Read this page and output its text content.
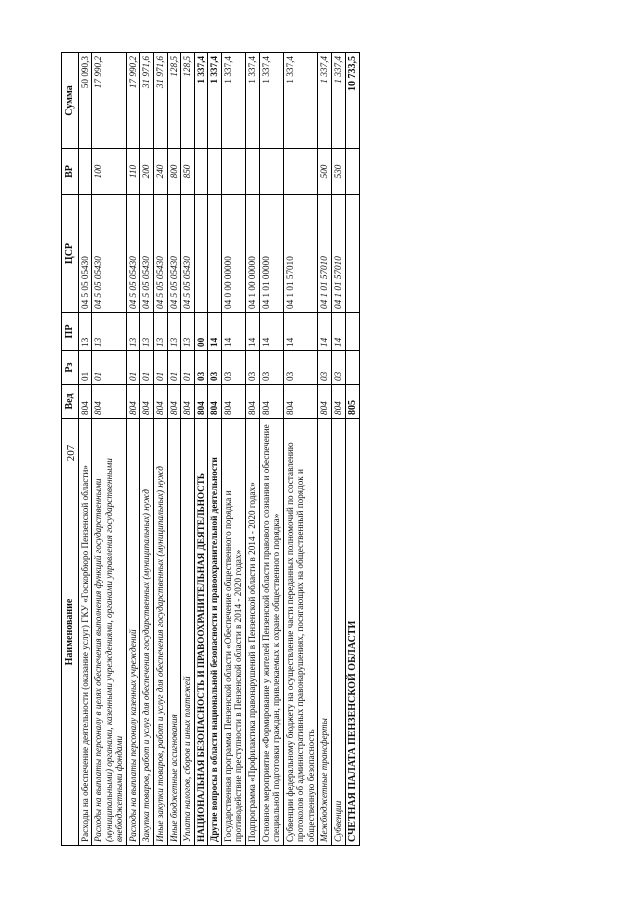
207
Наименование	Вед	Рз	ПР	ЦСР	ВР	Сумма
Расходы на обеспечение деятельности (оказание услуг) ГКУ «Госкорбюро Пензенской области»	804	01	13	04 5 05 05430		50 090,3
Расходы на выплаты персоналу в целях обеспечения выполнения функций государственными (муниципальными) органами, казенными учреждениями, органами управления государственными внебюджетными фондами	804	01	13	04 5 05 05430	100	17 990,2
Расходы на выплаты персоналу казенных учреждений	804	01	13	04 5 05 05430	110	17 990,2
Закупка товаров, работ и услуг для обеспечения государственных (муниципальных) нужд	804	01	13	04 5 05 05430	200	31 971,6
Иные закупки товаров, работ и услуг для обеспечения государственных (муниципальных) нужд	804	01	13	04 5 05 05430	240	31 971,6
Иные бюджетные ассигнования	804	01	13	04 5 05 05430	800	128,5
Уплата налогов, сборов и иных платежей	804	01	13	04 5 05 05430	850	128,5
НАЦИОНАЛЬНАЯ БЕЗОПАСНОСТЬ И ПРАВООХРАНИТЕЛЬНАЯ ДЕЯТЕЛЬНОСТЬ	804	03	00			1 337,4
Другие вопросы в области национальной безопасности и правоохранительной деятельности	804	03	14			1 337,4
Государственная программа Пензенской области «Обеспечение общественного порядка и противодействие преступности в Пензенской области в 2014 - 2020 годах»	804	03	14	04 0 00 00000		1 337,4
Подпрограмма «Профилактика правонарушений в Пензенской области в 2014 - 2020 годах»	804	03	14	04 1 00 00000		1 337,4
Основное мероприятие «Формирование у жителей Пензенской области правового сознания и обеспечение специальной подготовки граждан, привлекаемых к охране общественного порядка»	804	03	14	04 1 01 00000		1 337,4
Субвенции федеральному бюджету на осуществление части переданных полномочий по составлению протоколов об административных правонарушениях, посягающих на общественный порядок и общественную безопасность	804	03	14	04 1 01 57010		1 337,4
Межбюджетные трансферты	804	03	14	04 1 01 57010	500	1 337,4
Субвенции	804	03	14	04 1 01 57010	530	1 337,4
СЧЕТНАЯ ПАЛАТА ПЕНЗЕНСКОЙ ОБЛАСТИ	805					10 733,5
